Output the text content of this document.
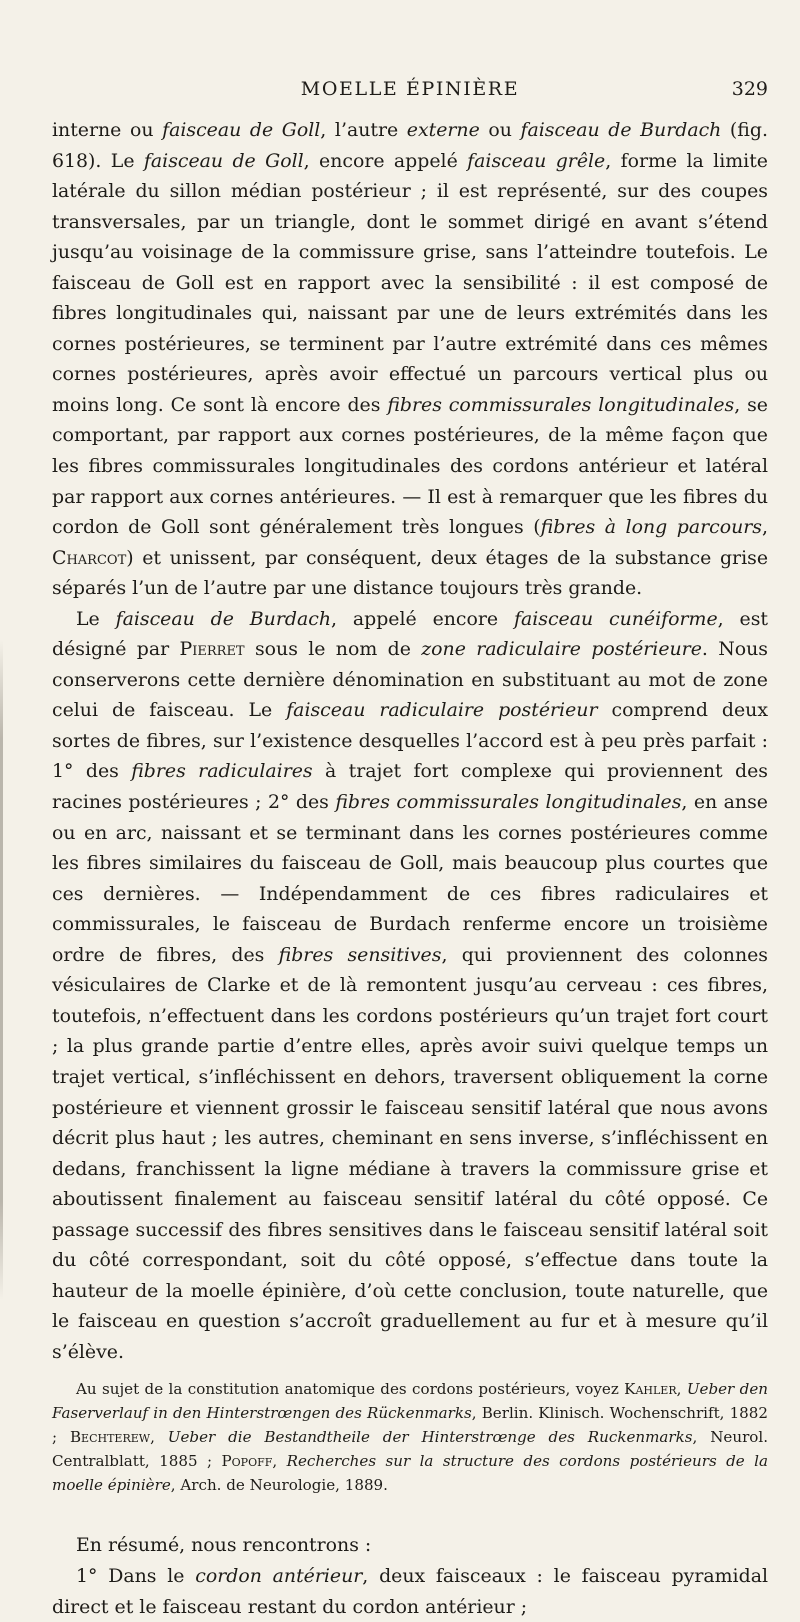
MOELLE ÉPINIÈRE	329

interne ou faisceau de Goll, l’autre externe ou faisceau de Burdach (fig. 618). Le faisceau de Goll, encore appelé faisceau grêle, forme la limite latérale du sillon médian postérieur ; il est représenté, sur des coupes transversales, par un triangle, dont le sommet dirigé en avant s’étend jusqu’au voisinage de la commissure grise, sans l’atteindre toutefois. Le faisceau de Goll est en rapport avec la sensibilité : il est composé de fibres longitudinales qui, naissant par une de leurs extrémités dans les cornes postérieures, se terminent par l’autre extrémité dans ces mêmes cornes postérieures, après avoir effectué un parcours vertical plus ou moins long. Ce sont là encore des fibres commissurales longitudinales, se comportant, par rapport aux cornes postérieures, de la même façon que les fibres commissurales longitudinales des cordons antérieur et latéral par rapport aux cornes antérieures. — Il est à remarquer que les fibres du cordon de Goll sont généralement très longues (fibres à long parcours, Charcot) et unissent, par conséquent, deux étages de la substance grise séparés l’un de l’autre par une distance toujours très grande.

Le faisceau de Burdach, appelé encore faisceau cunéiforme, est désigné par Pierret sous le nom de zone radiculaire postérieure. Nous conserverons cette dernière dénomination en substituant au mot de zone celui de faisceau. Le faisceau radiculaire postérieur comprend deux sortes de fibres, sur l’existence desquelles l’accord est à peu près parfait : 1° des fibres radiculaires à trajet fort complexe qui proviennent des racines postérieures ; 2° des fibres commissurales longitudinales, en anse ou en arc, naissant et se terminant dans les cornes postérieures comme les fibres similaires du faisceau de Goll, mais beaucoup plus courtes que ces dernières. — Indépendamment de ces fibres radiculaires et commissurales, le faisceau de Burdach renferme encore un troisième ordre de fibres, des fibres sensitives, qui proviennent des colonnes vésiculaires de Clarke et de là remontent jusqu’au cerveau : ces fibres, toutefois, n’effectuent dans les cordons postérieurs qu’un trajet fort court ; la plus grande partie d’entre elles, après avoir suivi quelque temps un trajet vertical, s’infléchissent en dehors, traversent obliquement la corne postérieure et viennent grossir le faisceau sensitif latéral que nous avons décrit plus haut ; les autres, cheminant en sens inverse, s’infléchissent en dedans, franchissent la ligne médiane à travers la commissure grise et aboutissent finalement au faisceau sensitif latéral du côté opposé. Ce passage successif des fibres sensitives dans le faisceau sensitif latéral soit du côté correspondant, soit du côté opposé, s’effectue dans toute la hauteur de la moelle épinière, d’où cette conclusion, toute naturelle, que le faisceau en question s’accroît graduellement au fur et à mesure qu’il s’élève.

Au sujet de la constitution anatomique des cordons postérieurs, voyez Kahler, Ueber den Faserverlauf in den Hinterstrœngen des Rückenmarks, Berlin. Klinisch. Wochenschrift, 1882 ; Bechterew, Ueber die Bestandtheile der Hinterstrœnge des Ruckenmarks, Neurol. Centralblatt, 1885 ; Popoff, Recherches sur la structure des cordons postérieurs de la moelle épinière, Arch. de Neurologie, 1889.

En résumé, nous rencontrons :

1° Dans le cordon antérieur, deux faisceaux : le faisceau pyramidal direct et le faisceau restant du cordon antérieur ;
